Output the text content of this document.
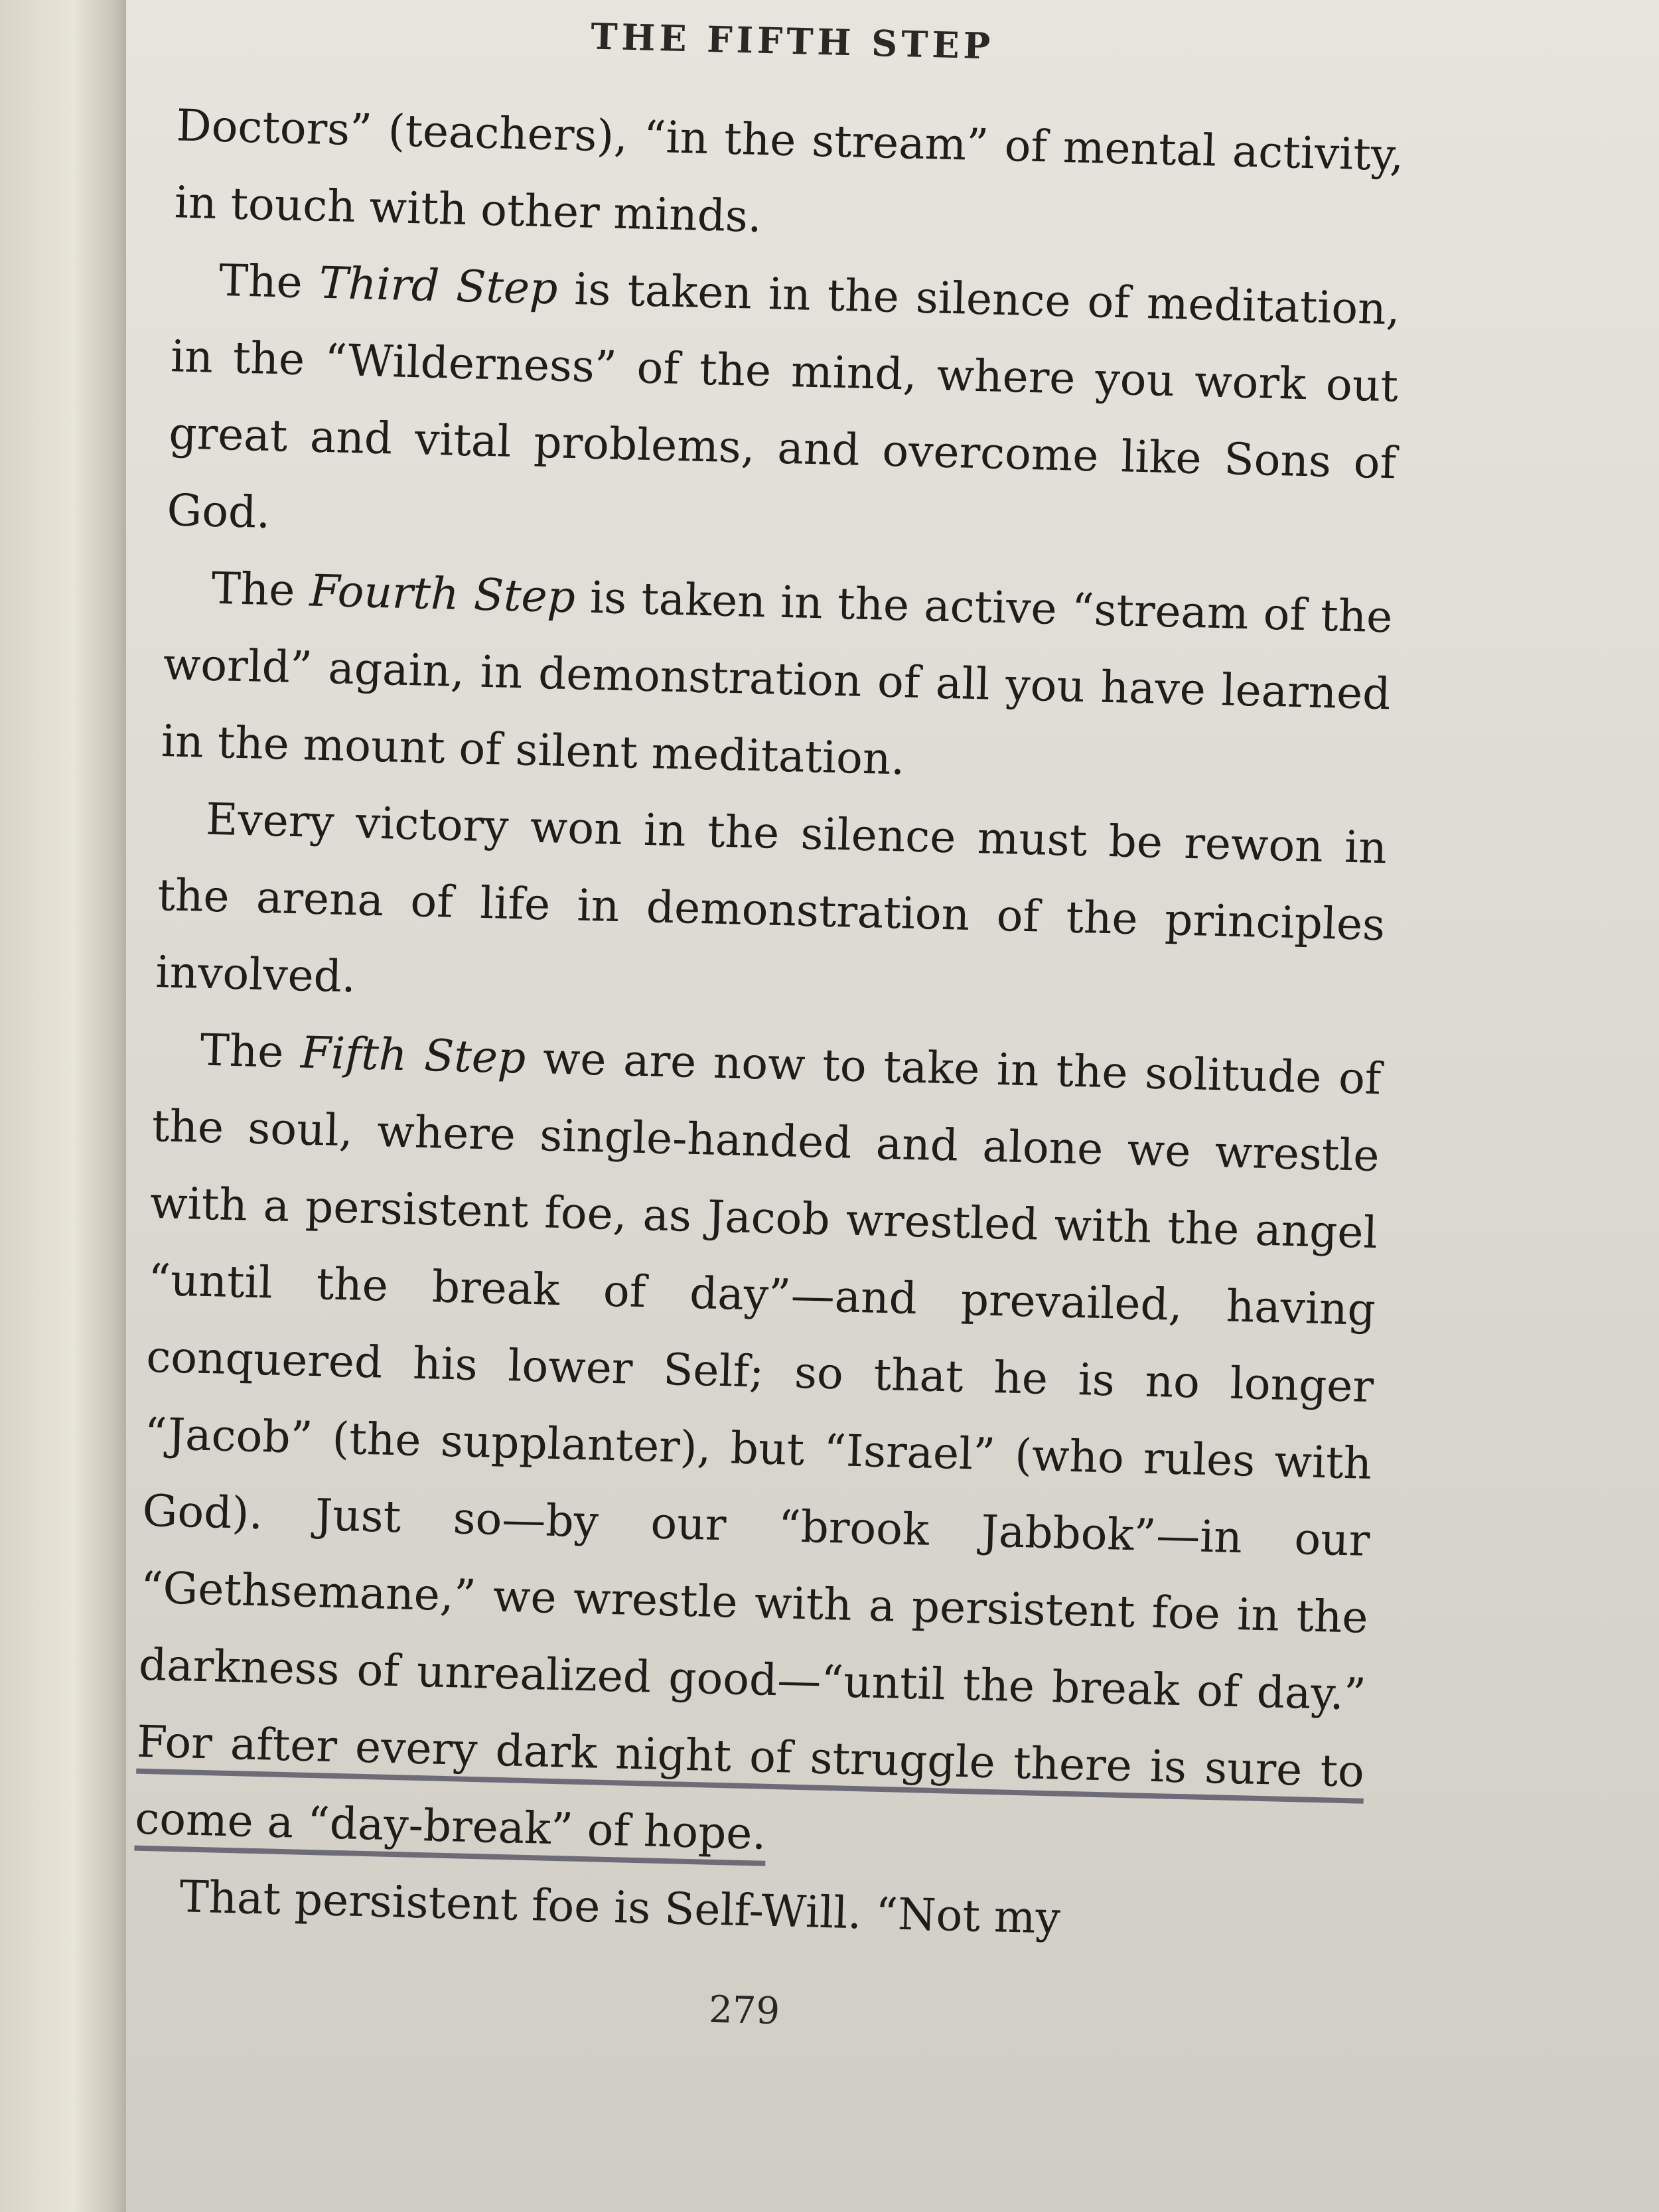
THE FIFTH STEP

Doctors” (teachers), “in the stream” of mental activity, in touch with other minds.

The Third Step is taken in the silence of meditation, in the “Wilderness” of the mind, where you work out great and vital problems, and overcome like Sons of God.

The Fourth Step is taken in the active “stream of the world” again, in demonstration of all you have learned in the mount of silent meditation.

Every victory won in the silence must be rewon in the arena of life in demonstration of the principles involved.

The Fifth Step we are now to take in the solitude of the soul, where single-handed and alone we wrestle with a persistent foe, as Jacob wrestled with the angel “until the break of day”—and prevailed, having conquered his lower Self; so that he is no longer “Jacob” (the supplanter), but “Israel” (who rules with God). Just so—by our “brook Jabbok”—in our “Gethsemane,” we wrestle with a persistent foe in the darkness of unrealized good—“until the break of day.” For after every dark night of struggle there is sure to come a “day-break” of hope.

That persistent foe is Self-Will. “Not my

279
